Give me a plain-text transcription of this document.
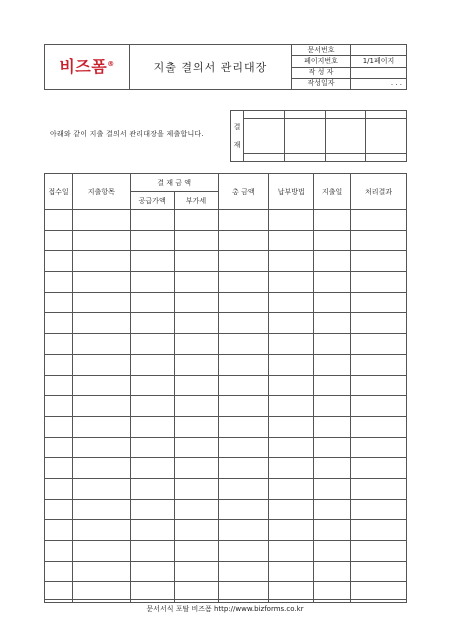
비즈폼®	지출 결의서 관리대장	문서번호	
		페이지번호	1/1페이지
		작 성 자	
		작성일자	. . .
아래와 같이 지출 결의서 관리대장을 제출합니다.
결
재				

접수일	지출항목	결 재 금 액		총 금액	납부방법	지출일	처리결과
		공급가액	부가세				

문서서식 포탈 비즈폼 http://www.bizforms.co.kr
